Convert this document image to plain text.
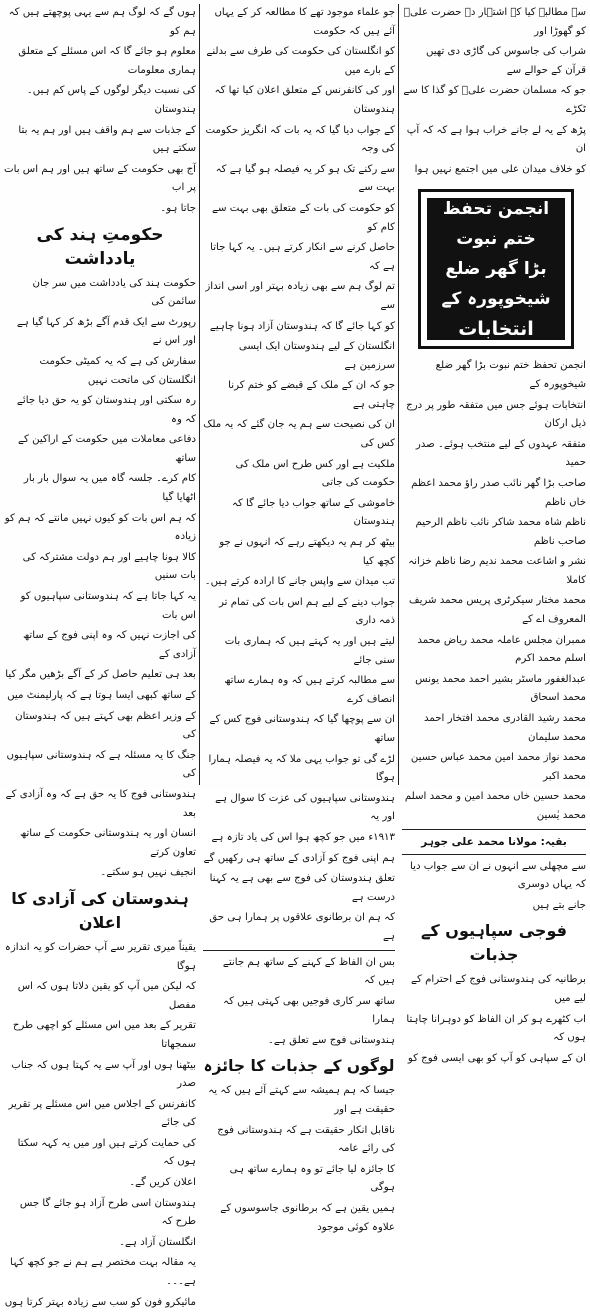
ہوں گے کہ لوگ ہم سے یہی پوچھتے ہیں کہ ہم کو

معلوم ہو جائے گا کہ اس مسئلے کے متعلق ہماری معلومات

کی نسبت دیگر لوگوں کے پاس کم ہیں۔ ہندوستان

کے جذبات سے ہم واقف ہیں اور ہم یہ بتا سکتے ہیں

آج بھی حکومت کے ساتھ ہیں اور ہم اس بات پر اب

جاتا ہو۔

حکومتِ ہند کی یادداشت

حکومت ہند کی یادداشت میں سر جان سائمن کی

رپورٹ سے ایک قدم آگے بڑھ کر کہا گیا ہے اور اس نے

سفارش کی ہے کہ یہ کمیٹی حکومت انگلستان کی ماتحت نہیں

رہ سکتی اور ہندوستان کو یہ حق دیا جائے کہ وہ

دفاعی معاملات میں حکومت کے اراکین کے ساتھ

کام کرے۔ جلسہ گاہ میں یہ سوال بار بار اٹھایا گیا

کہ ہم اس بات کو کیوں نہیں مانتے کہ ہم کو زیادہ

کالا ہونا چاہیے اور ہم دولت مشترکہ کی بات سنیں

یہ کہا جاتا ہے کہ ہندوستانی سپاہیوں کو اس بات

کی اجازت نہیں کہ وہ اپنی فوج کے ساتھ آزادی کے

بعد ہی تعلیم حاصل کر کے آگے بڑھیں مگر کیا

کے ساتھ کبھی ایسا ہوتا ہے کہ پارلیمنٹ میں

کے وزیر اعظم بھی کہتے ہیں کہ ہندوستان کی

جنگ کا یہ مسئلہ ہے کہ ہندوستانی سپاہیوں کی

ہندوستانی فوج کا یہ حق ہے کہ وہ آزادی کے بعد

انسان اور یہ ہندوستانی حکومت کے ساتھ تعاون کرتے

انجیف نہیں ہو سکتے۔

ہندوستان کی آزادی کا اعلان

یقیناً میری تقریر سے آپ حضرات کو یہ اندازہ ہوگا

کہ لیکن میں آپ کو یقین دلاتا ہوں کہ اس مفصل

تقریر کے بعد میں اس مسئلے کو اچھی طرح سمجھاتا

بیٹھنا ہوں اور آپ سے یہ کہتا ہوں کہ جناب صدر

کانفرنس کے اجلاس میں اس مسئلے پر تقریر کی جائے

کی حمایت کرتے ہیں اور میں یہ کہہ سکتا ہوں کہ

اعلان کریں گے۔

ہندوستان اسی طرح آزاد ہو جائے گا جس طرح کہ

انگلستان آزاد ہے۔

یہ مقالہ بہت مختصر ہے ہم نے جو کچھ کہا ہے۔۔۔

مائیکرو فون کو سب سے زیادہ بہتر کرتا ہوں

جو علماء موجود تھے کا مطالعہ کر کے یہاں آئے ہیں کہ حکومت

کو انگلستان کی حکومت کی طرف سے بدلنے کے بارے میں

اور کی کانفرنس کے متعلق اعلان کیا تھا کہ ہندوستان

کے جواب دیا گیا کہ یہ بات کہ انگریز حکومت کی وجہ

سے رکنے تک ہو کر یہ فیصلہ ہو گیا ہے کہ بہت سے

کو حکومت کی بات کے متعلق بھی بہت سے کام کو

حاصل کرنے سے انکار کرتے ہیں۔ یہ کہا جاتا ہے کہ

تم لوگ ہم سے بھی زیادہ بہتر اور اسی انداز سے

کو کہا جائے گا کہ ہندوستان آزاد ہونا چاہیے

انگلستان کے لیے ہندوستان ایک ایسی سرزمین ہے

جو کہ ان کے ملک کے قبضے کو ختم کرنا چاہتی ہے

ان کی نصیحت سے ہم یہ جان گئے کہ یہ ملک کس کی

ملکیت ہے اور کس طرح اس ملک کی حکومت کی جاتی

خاموشی کے ساتھ جواب دیا جائے گا کہ ہندوستان

بیٹھ کر ہم یہ دیکھتے رہے کہ انہوں نے جو کچھ کیا

تب میدان سے واپس جانے کا ارادہ کرتے ہیں۔

جواب دینے کے لیے ہم اس بات کی تمام تر ذمہ داری

لیتے ہیں اور یہ کہتے ہیں کہ ہماری بات سنی جائے

سے مطالبہ کرتے ہیں کہ وہ ہمارے ساتھ انصاف کرے

ان سے پوچھا گیا کہ ہندوستانی فوج کس کے ساتھ

لڑے گی تو جواب یہی ملا کہ یہ فیصلہ ہمارا ہوگا

ہندوستانی سپاہیوں کی عزت کا سوال ہے اور یہ

۱۹۱۳ء میں جو کچھ ہوا اس کی یاد تازہ ہے

ہم اپنی فوج کو آزادی کے ساتھ ہی رکھیں گے

تعلق ہندوستان کی فوج سے بھی ہے یہ کہنا درست ہے

کہ ہم ان برطانوی علاقوں پر ہمارا ہی حق ہے

بس ان الفاظ کے کہنے کے ساتھ ہم جانتے ہیں کہ

ساتھ سر کاری فوجیں بھی کہتی ہیں کہ ہمارا

ہندوستانی فوج سے تعلق ہے۔

لوگوں کے جذبات کا جائزہ

جیسا کہ ہم ہمیشہ سے کہتے آئے ہیں کہ یہ حقیقت ہے اور

ناقابل انکار حقیقت ہے کہ ہندوستانی فوج کی رائے عامہ

کا جائزہ لیا جائے تو وہ ہمارے ساتھ ہی ہوگی

ہمیں یقین ہے کہ برطانوی جاسوسوں کے علاوہ کوئی موجود

سے مطالبہ کیا کہ اشتہار دے حضرت علیؓ کو گھوڑا اور

شراب کی جاسوس کی گاڑی دی تھیں قرآن کے حوالے سے

جو کہ مسلمان حضرت علیؓ کو گذا کا سے ٹکڑے

پڑھ کے یہ لے جانے خراب ہوا ہے کہ کہ آپ ان

کو خلاف میدان علی میں اجتمع نہیں ہوا

انجمن تحفظ ختم نبوت
بڑا گھر ضلع شیخوپورہ کے
انتخابات

انجمن تحفظ ختم نبوت بڑا گھر ضلع شیخوپورہ کے

انتخابات ہوئے جس میں متفقہ طور پر درج ذیل ارکان

متفقہ عہدوں کے لیے منتخب ہوئے۔ صدر حمید

صاحب بڑا گھر نائب صدر راؤ محمد اعظم خاں ناظم

ناظم شاہ محمد شاکر نائب ناظم الرحیم صاحب ناظم

نشر و اشاعت محمد ندیم رضا ناظم خزانہ کاملا

محمد مختار سیکرٹری پریس محمد شریف المعروف اے کے

ممبران مجلس عاملہ محمد ریاض محمد اسلم محمد اکرم

عبدالغفور ماسٹر بشیر احمد محمد یونس محمد اسحاق

محمد رشید القادری محمد افتخار احمد محمد سلیمان

محمد نواز محمد امین محمد عباس حسین محمد اکبر

محمد حسین خاں محمد امین و محمد اسلم محمد یٰسین

بقیہ: مولانا محمد علی جوہر

سے مچھلی سے انہوں نے ان سے جواب دیا کہ یہاں دوسری

جانے بتے ہیں

فوجی سپاہیوں کے جذبات

برطانیہ کی ہندوستانی فوج کے احترام کے لیے میں

اب کٹھرے ہو کر ان الفاظ کو دوہرانا چاہتا ہوں کہ

ان کے سپاہی کو آپ کو بھی ایسی فوج کو
